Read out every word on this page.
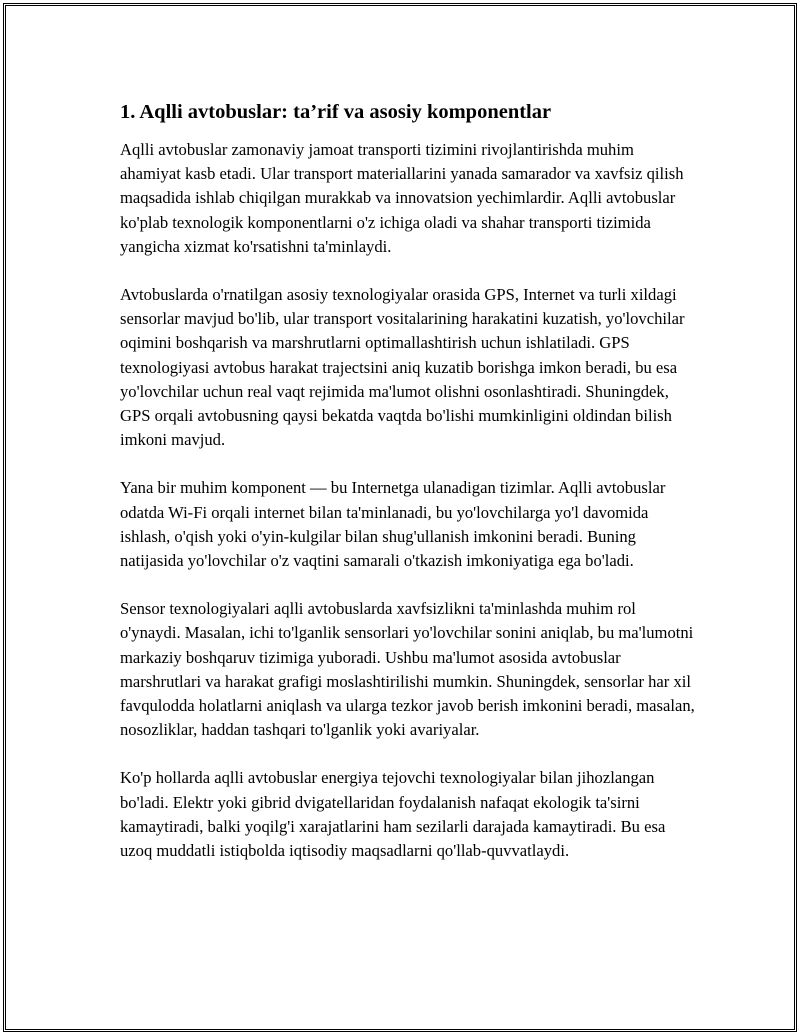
1. Aqlli avtobuslar: ta’rif va asosiy komponentlar

Aqlli avtobuslar zamonaviy jamoat transporti tizimini rivojlantirishda muhim ahamiyat kasb etadi. Ular transport materiallarini yanada samarador va xavfsiz qilish maqsadida ishlab chiqilgan murakkab va innovatsion yechimlardir. Aqlli avtobuslar ko'plab texnologik komponentlarni o'z ichiga oladi va shahar transporti tizimida yangicha xizmat ko'rsatishni ta'minlaydi.

Avtobuslarda o'rnatilgan asosiy texnologiyalar orasida GPS, Internet va turli xildagi sensorlar mavjud bo'lib, ular transport vositalarining harakatini kuzatish, yo'lovchilar oqimini boshqarish va marshrutlarni optimallashtirish uchun ishlatiladi. GPS texnologiyasi avtobus harakat trajectsini aniq kuzatib borishga imkon beradi, bu esa yo'lovchilar uchun real vaqt rejimida ma'lumot olishni osonlashtiradi. Shuningdek, GPS orqali avtobusning qaysi bekatda vaqtda bo'lishi mumkinligini oldindan bilish imkoni mavjud.

Yana bir muhim komponent — bu Internetga ulanadigan tizimlar. Aqlli avtobuslar odatda Wi-Fi orqali internet bilan ta'minlanadi, bu yo'lovchilarga yo'l davomida ishlash, o'qish yoki o'yin-kulgilar bilan shug'ullanish imkonini beradi. Buning natijasida yo'lovchilar o'z vaqtini samarali o'tkazish imkoniyatiga ega bo'ladi.

Sensor texnologiyalari aqlli avtobuslarda xavfsizlikni ta'minlashda muhim rol o'ynaydi. Masalan, ichi to'lganlik sensorlari yo'lovchilar sonini aniqlab, bu ma'lumotni markaziy boshqaruv tizimiga yuboradi. Ushbu ma'lumot asosida avtobuslar marshrutlari va harakat grafigi moslashtirilishi mumkin. Shuningdek, sensorlar har xil favqulodda holatlarni aniqlash va ularga tezkor javob berish imkonini beradi, masalan, nosozliklar, haddan tashqari to'lganlik yoki avariyalar.

Ko'p hollarda aqlli avtobuslar energiya tejovchi texnologiyalar bilan jihozlangan bo'ladi. Elektr yoki gibrid dvigatellaridan foydalanish nafaqat ekologik ta'sirni kamaytiradi, balki yoqilg'i xarajatlarini ham sezilarli darajada kamaytiradi. Bu esa uzoq muddatli istiqbolda iqtisodiy maqsadlarni qo'llab-quvvatlaydi.
